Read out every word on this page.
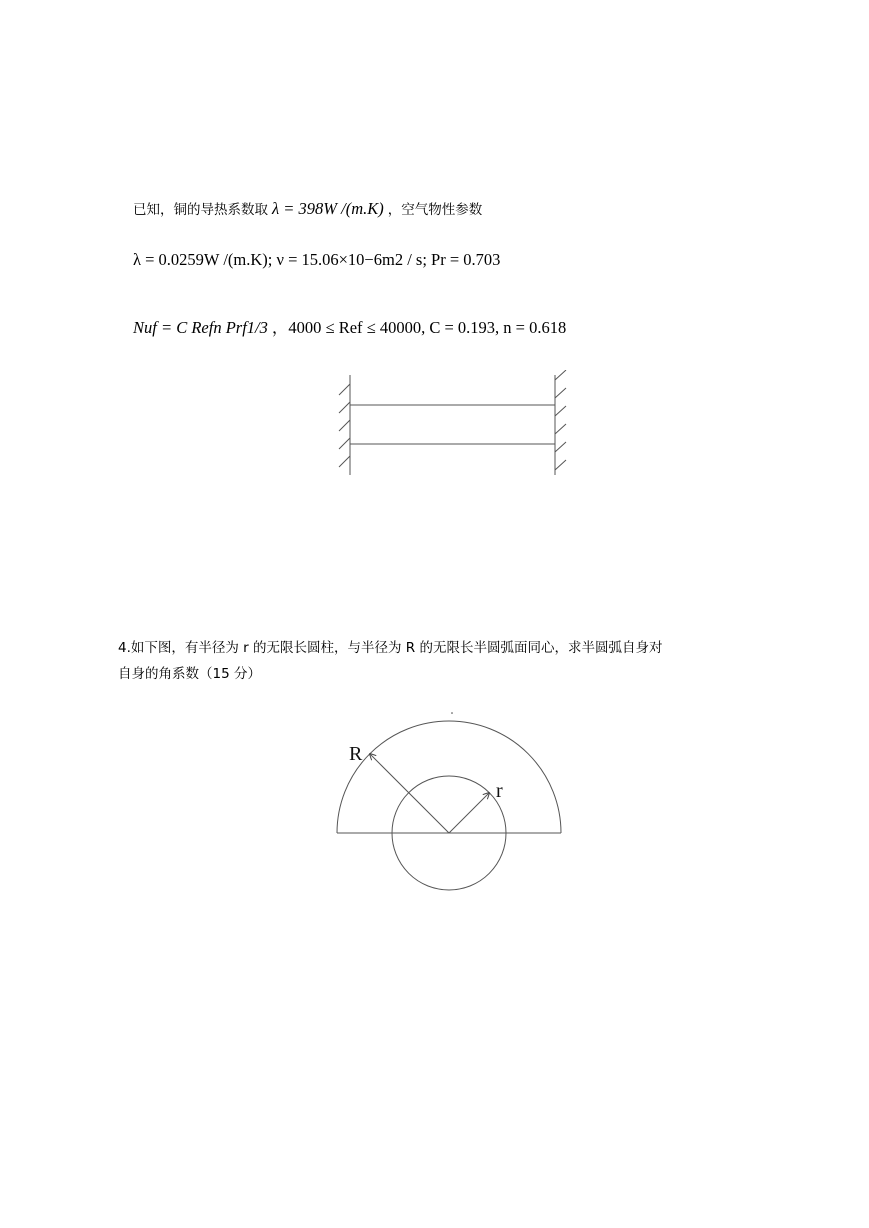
已知，铜的导热系数取 λ = 398W /(m.K) ，空气物性参数
λ = 0.0259W /(m.K); ν = 15.06×10−6m2 / s; Pr = 0.703
Nuf = C Refn Prf1/3 ，4000 ≤ Ref ≤ 40000, C = 0.193, n = 0.618
4.如下图，有半径为 r 的无限长圆柱，与半径为 R 的无限长半圆弧面同心，求半圆弧自身对
自身的角系数（15 分）
R
r
